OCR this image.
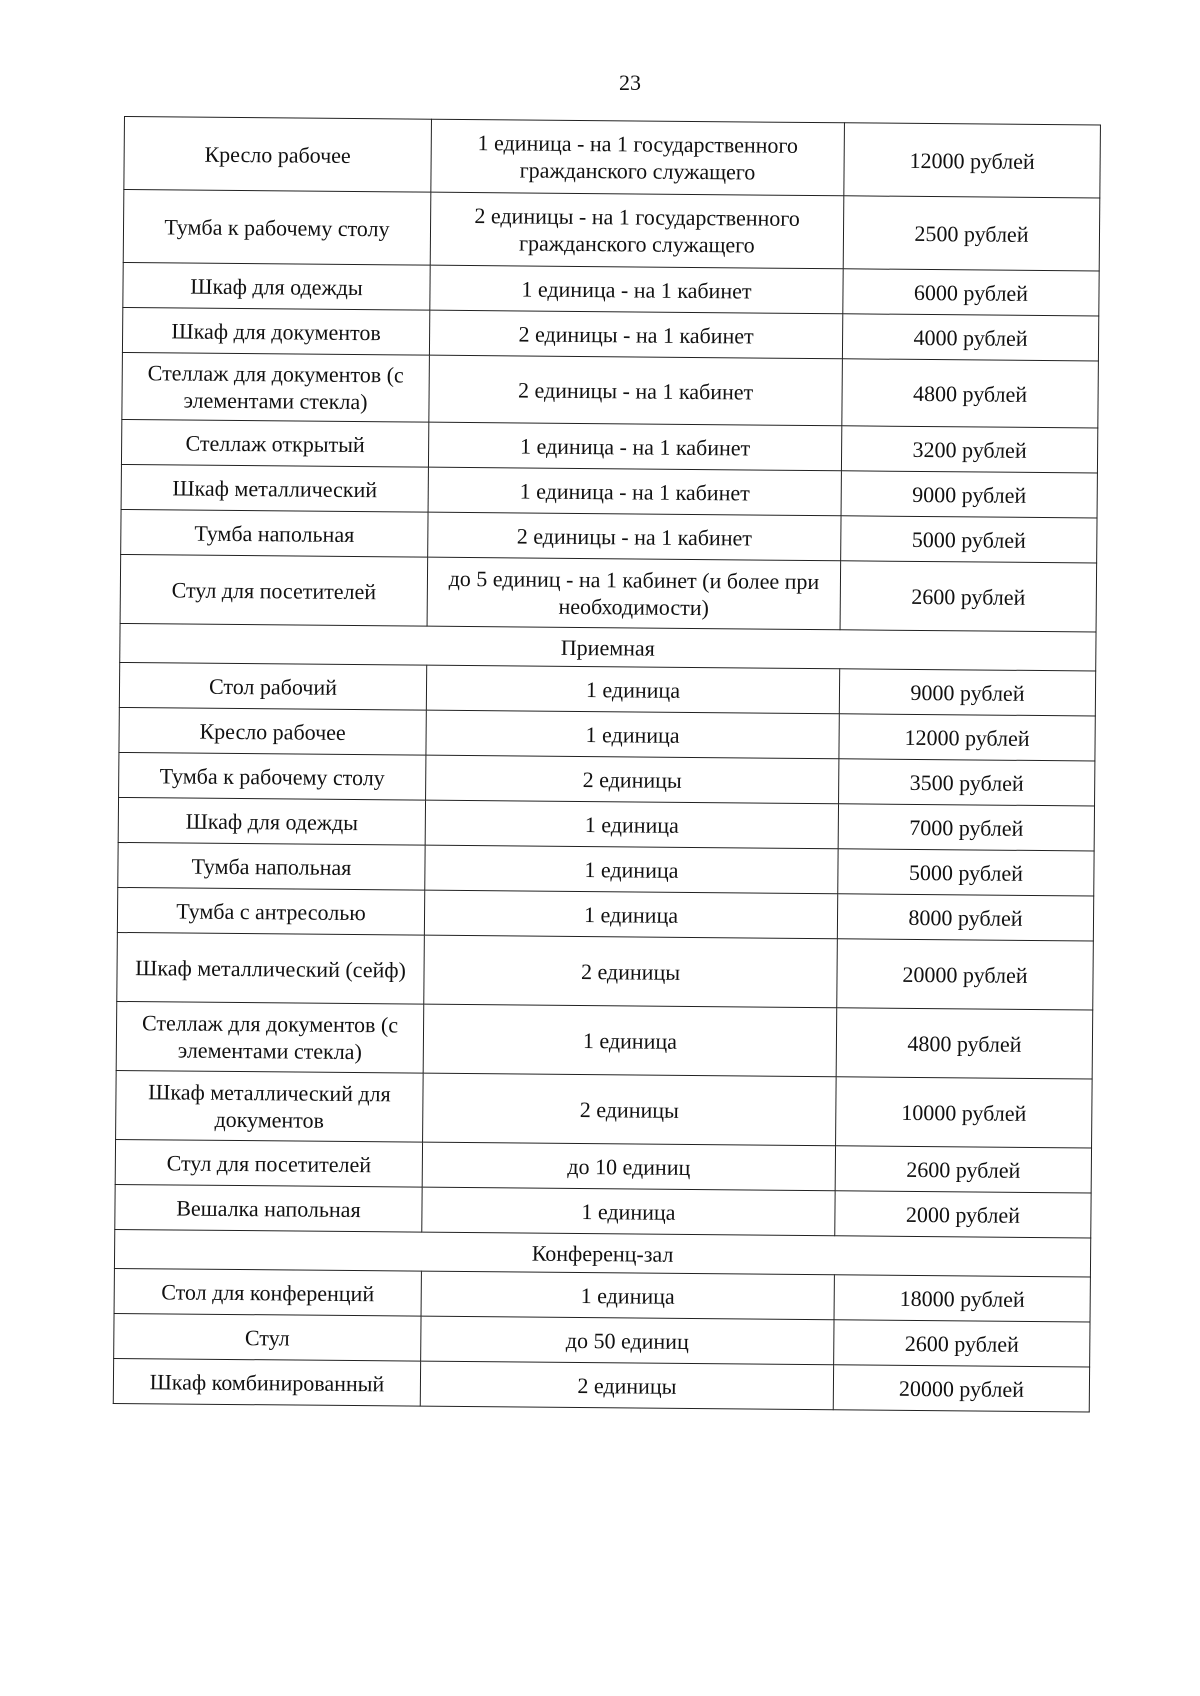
23
Кресло рабочее	1 единица - на 1 государственного гражданского служащего	12000 рублей
Тумба к рабочему столу	2 единицы - на 1 государственного гражданского служащего	2500 рублей
Шкаф для одежды	1 единица - на 1 кабинет	6000 рублей
Шкаф для документов	2 единицы - на 1 кабинет	4000 рублей
Стеллаж для документов (с элементами стекла)	2 единицы - на 1 кабинет	4800 рублей
Стеллаж открытый	1 единица - на 1 кабинет	3200 рублей
Шкаф металлический	1 единица - на 1 кабинет	9000 рублей
Тумба напольная	2 единицы - на 1 кабинет	5000 рублей
Стул для посетителей	до 5 единиц - на 1 кабинет (и более при необходимости)	2600 рублей
Приемная		
Стол рабочий	1 единица	9000 рублей
Кресло рабочее	1 единица	12000 рублей
Тумба к рабочему столу	2 единицы	3500 рублей
Шкаф для одежды	1 единица	7000 рублей
Тумба напольная	1 единица	5000 рублей
Тумба с антресолью	1 единица	8000 рублей
Шкаф металлический (сейф)	2 единицы	20000 рублей
Стеллаж для документов (с элементами стекла)	1 единица	4800 рублей
Шкаф металлический для документов	2 единицы	10000 рублей
Стул для посетителей	до 10 единиц	2600 рублей
Вешалка напольная	1 единица	2000 рублей
Конференц-зал		
Стол для конференций	1 единица	18000 рублей
Стул	до 50 единиц	2600 рублей
Шкаф комбинированный	2 единицы	20000 рублей
